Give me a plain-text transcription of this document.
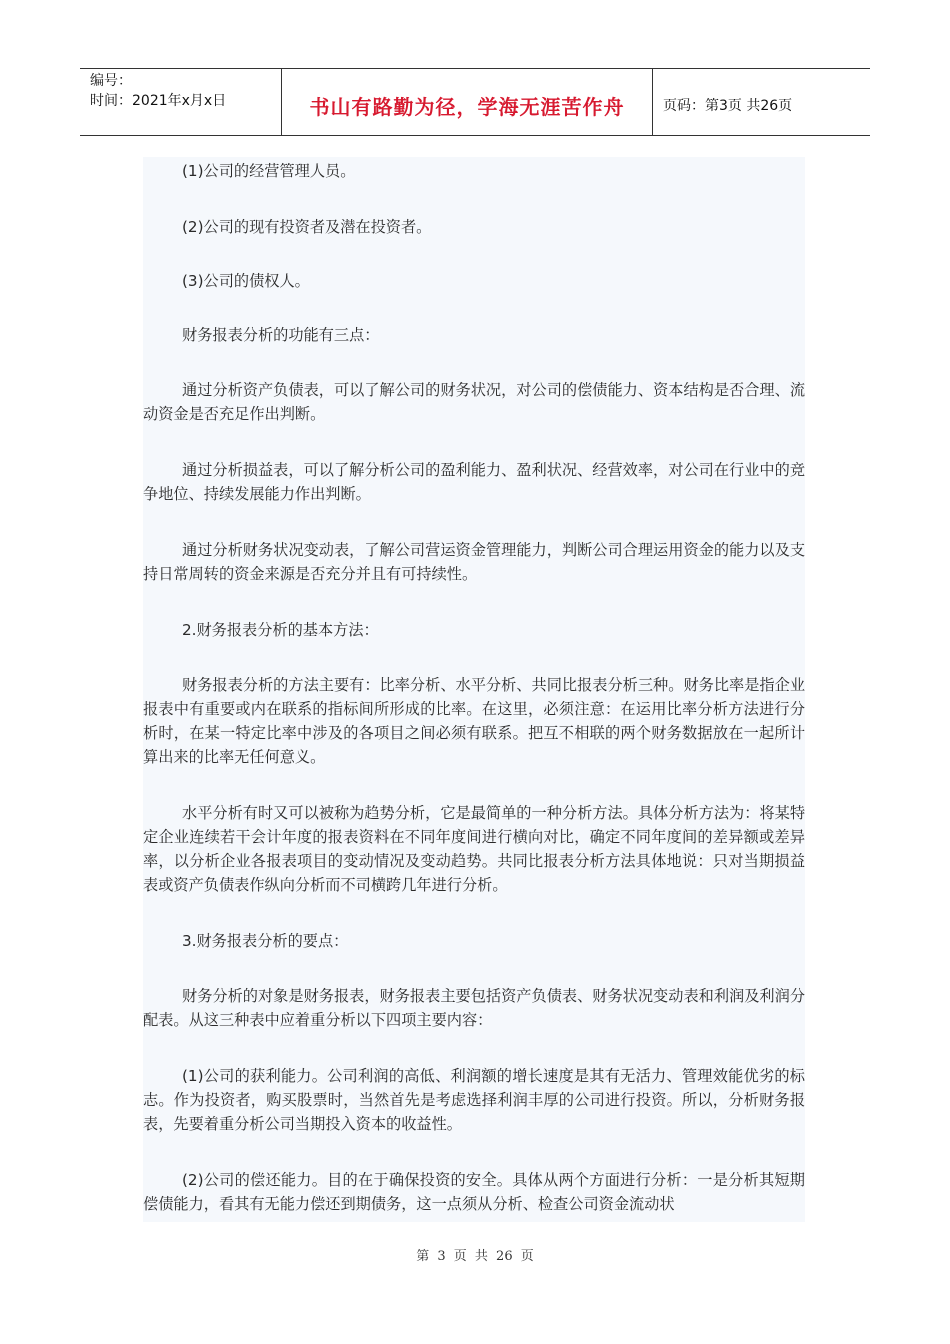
编号：
时间：2021年x月x日	书山有路勤为径，学海无涯苦作舟	页码：第3页 共26页

(1)公司的经营管理人员。

(2)公司的现有投资者及潜在投资者。

(3)公司的债权人。

财务报表分析的功能有三点：

通过分析资产负债表，可以了解公司的财务状况，对公司的偿债能力、资本结构是否合理、流动资金是否充足作出判断。

通过分析损益表，可以了解分析公司的盈利能力、盈利状况、经营效率，对公司在行业中的竞争地位、持续发展能力作出判断。

通过分析财务状况变动表，了解公司营运资金管理能力，判断公司合理运用资金的能力以及支持日常周转的资金来源是否充分并且有可持续性。

2.财务报表分析的基本方法：

财务报表分析的方法主要有：比率分析、水平分析、共同比报表分析三种。财务比率是指企业报表中有重要或内在联系的指标间所形成的比率。在这里，必须注意：在运用比率分析方法进行分析时，在某一特定比率中涉及的各项目之间必须有联系。把互不相联的两个财务数据放在一起所计算出来的比率无任何意义。

水平分析有时又可以被称为趋势分析，它是最简单的一种分析方法。具体分析方法为：将某特定企业连续若干会计年度的报表资料在不同年度间进行横向对比，确定不同年度间的差异额或差异率，以分析企业各报表项目的变动情况及变动趋势。共同比报表分析方法具体地说：只对当期损益表或资产负债表作纵向分析而不司横跨几年进行分析。

3.财务报表分析的要点：

财务分析的对象是财务报表，财务报表主要包括资产负债表、财务状况变动表和利润及利润分配表。从这三种表中应着重分析以下四项主要内容：

(1)公司的获利能力。公司利润的高低、利润额的增长速度是其有无活力、管理效能优劣的标志。作为投资者，购买股票时，当然首先是考虑选择利润丰厚的公司进行投资。所以，分析财务报表，先要着重分析公司当期投入资本的收益性。

(2)公司的偿还能力。目的在于确保投资的安全。具体从两个方面进行分析：一是分析其短期偿债能力，看其有无能力偿还到期债务，这一点须从分析、检查公司资金流动状

第 3 页 共 26 页
